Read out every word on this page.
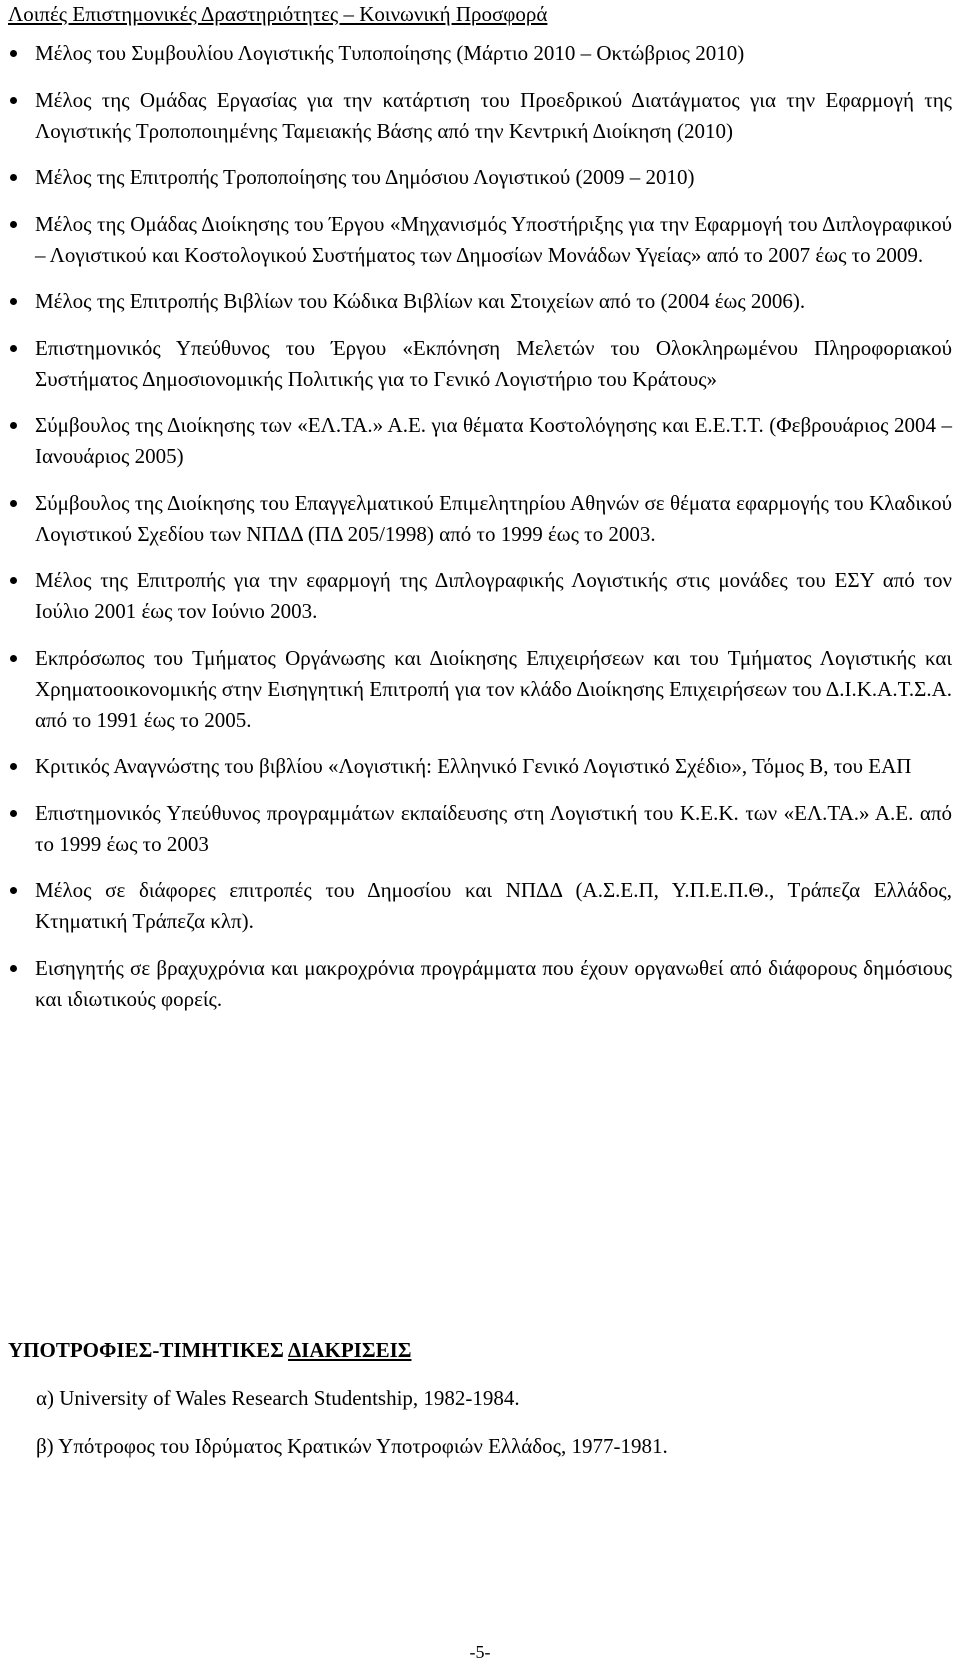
Λοιπές Επιστημονικές Δραστηριότητες – Κοινωνική Προσφορά
Μέλος του Συμβουλίου Λογιστικής Τυποποίησης (Μάρτιο 2010 – Οκτώβριος 2010)
Μέλος της Ομάδας Εργασίας για την κατάρτιση του Προεδρικού Διατάγματος για την Εφαρμογή της Λογιστικής Τροποποιημένης Ταμειακής Βάσης από την Κεντρική Διοίκηση (2010)
Μέλος της Επιτροπής Τροποποίησης του Δημόσιου Λογιστικού (2009 – 2010)
Μέλος της Ομάδας Διοίκησης του Έργου «Μηχανισμός Υποστήριξης για την Εφαρμογή του Διπλογραφικού – Λογιστικού και Κοστολογικού Συστήματος των Δημοσίων Μονάδων Υγείας» από το 2007 έως το 2009.
Μέλος της Επιτροπής Βιβλίων του Κώδικα Βιβλίων και Στοιχείων από το (2004 έως 2006).
Επιστημονικός Υπεύθυνος του Έργου «Εκπόνηση Μελετών του Ολοκληρωμένου Πληροφοριακού Συστήματος Δημοσιονομικής Πολιτικής για το Γενικό Λογιστήριο του Κράτους»
Σύμβουλος της Διοίκησης των «ΕΛ.ΤΑ.» Α.Ε. για θέματα Κοστολόγησης και Ε.Ε.Τ.Τ. (Φεβρουάριος 2004 – Ιανουάριος 2005)
Σύμβουλος της Διοίκησης του Επαγγελματικού Επιμελητηρίου Αθηνών σε θέματα εφαρμογής του Κλαδικού Λογιστικού Σχεδίου των ΝΠΔΔ (ΠΔ 205/1998) από το 1999 έως το 2003.
Μέλος της Επιτροπής για την εφαρμογή της Διπλογραφικής Λογιστικής στις μονάδες του ΕΣΥ από τον Ιούλιο 2001 έως τον Ιούνιο 2003.
Εκπρόσωπος του Τμήματος Οργάνωσης και Διοίκησης Επιχειρήσεων και του Τμήματος Λογιστικής και Χρηματοοικονομικής στην Εισηγητική Επιτροπή για τον κλάδο Διοίκησης Επιχειρήσεων του Δ.Ι.Κ.Α.Τ.Σ.Α. από το 1991 έως το 2005.
Κριτικός Αναγνώστης του βιβλίου «Λογιστική: Ελληνικό Γενικό Λογιστικό Σχέδιο», Τόμος Β, του ΕΑΠ
Επιστημονικός Υπεύθυνος προγραμμάτων εκπαίδευσης στη Λογιστική του Κ.Ε.Κ. των «ΕΛ.ΤΑ.» Α.Ε. από το 1999 έως το 2003
Μέλος σε διάφορες επιτροπές του Δημοσίου και ΝΠΔΔ (Α.Σ.Ε.Π, Υ.Π.Ε.Π.Θ., Τράπεζα Ελλάδος, Κτηματική Τράπεζα κλπ).
Εισηγητής σε βραχυχρόνια και μακροχρόνια προγράμματα που έχουν οργανωθεί από διάφορους δημόσιους και ιδιωτικούς φορείς.
ΥΠΟΤΡΟΦΙΕΣ-ΤΙΜΗΤΙΚΕΣ ΔΙΑΚΡΙΣΕΙΣ
α) University of Wales Research Studentship, 1982-1984.
β) Υπότροφος του Ιδρύματος Κρατικών Υποτροφιών Ελλάδος, 1977-1981.
-5-
